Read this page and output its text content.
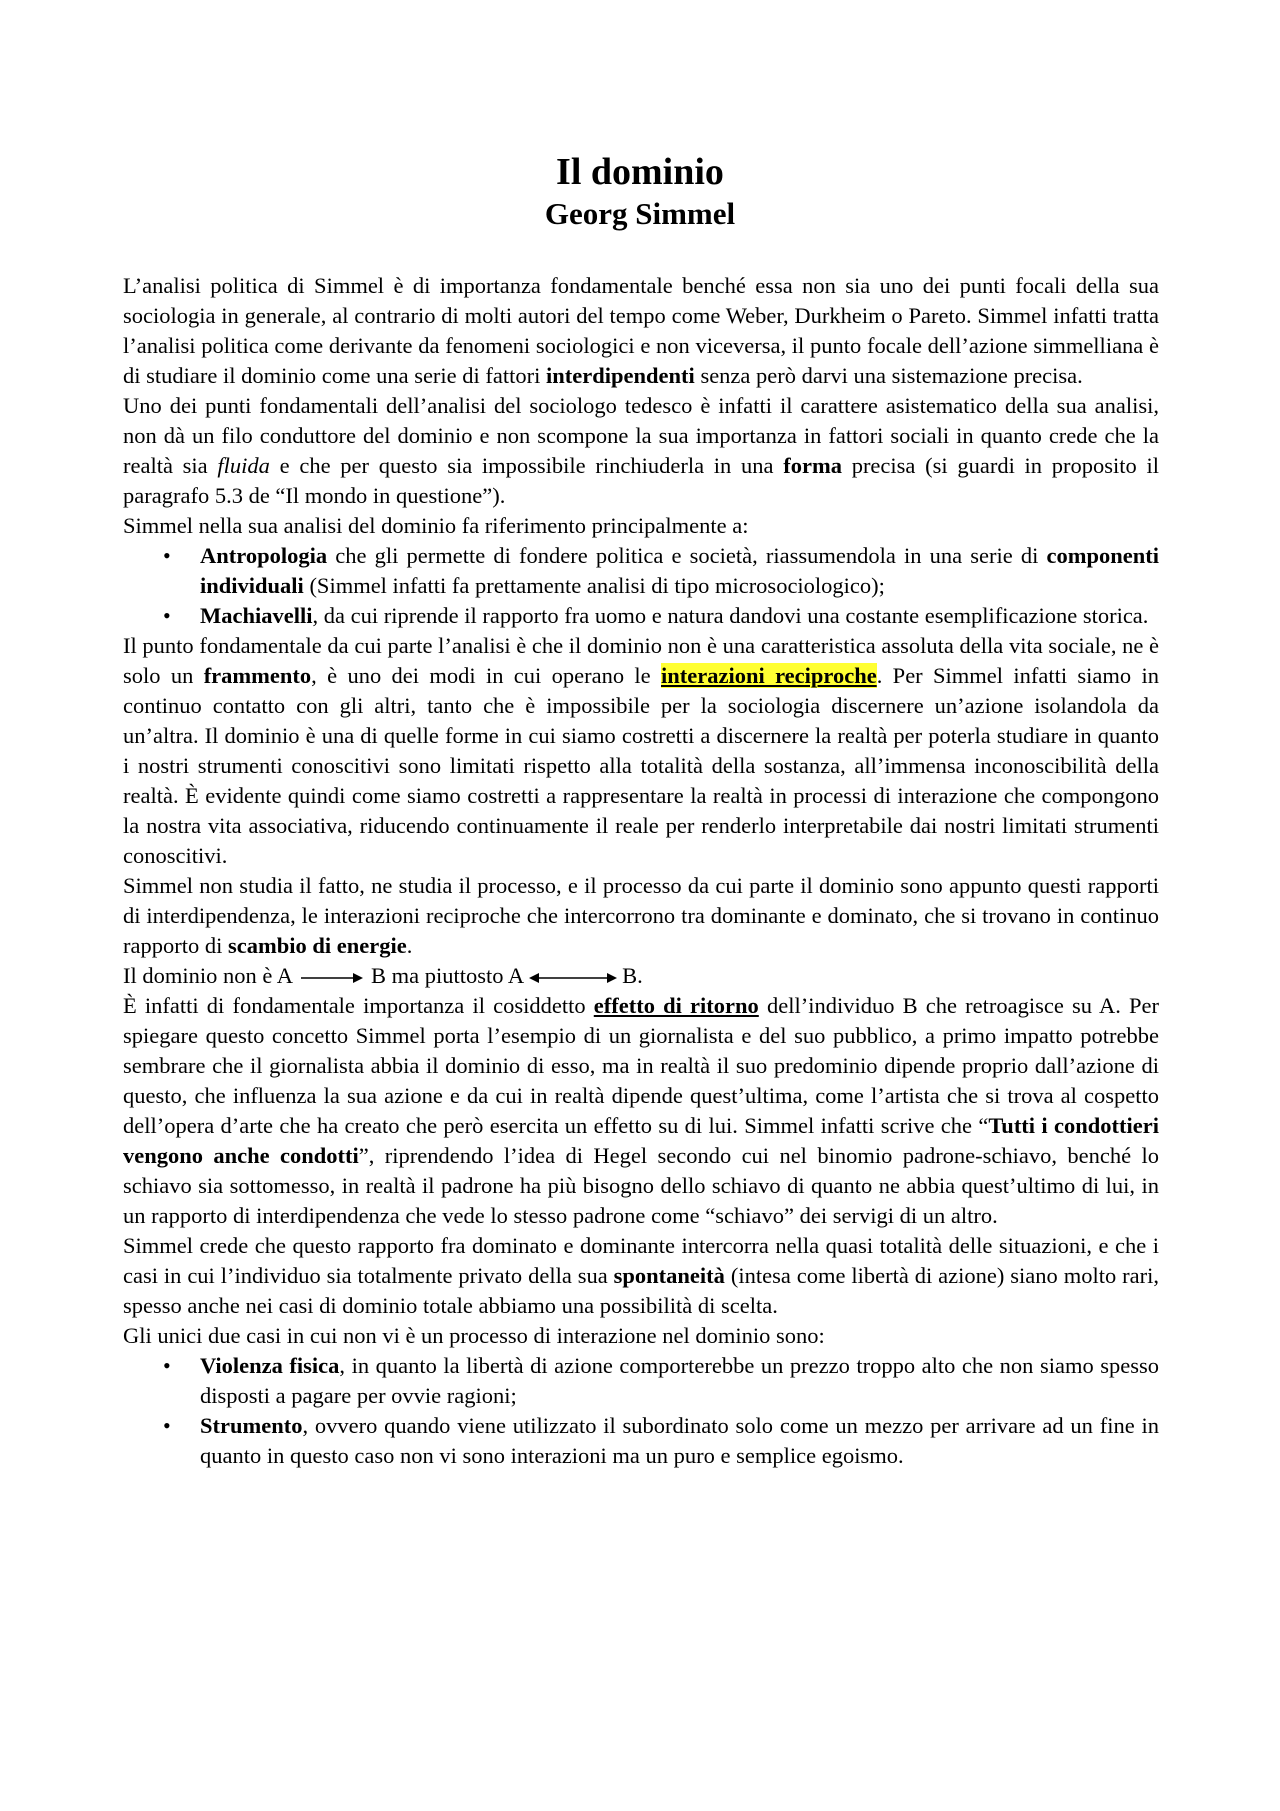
Il dominio
Georg Simmel

L’analisi politica di Simmel è di importanza fondamentale benché essa non sia uno dei punti focali della sua sociologia in generale, al contrario di molti autori del tempo come Weber, Durkheim o Pareto. Simmel infatti tratta l’analisi politica come derivante da fenomeni sociologici e non viceversa, il punto focale dell’azione simmelliana è di studiare il dominio come una serie di fattori interdipendenti senza però darvi una sistemazione precisa.

Uno dei punti fondamentali dell’analisi del sociologo tedesco è infatti il carattere asistematico della sua analisi, non dà un filo conduttore del dominio e non scompone la sua importanza in fattori sociali in quanto crede che la realtà sia fluida e che per questo sia impossibile rinchiuderla in una forma precisa (si guardi in proposito il paragrafo 5.3 de “Il mondo in questione”).

Simmel nella sua analisi del dominio fa riferimento principalmente a:

• Antropologia che gli permette di fondere politica e società, riassumendola in una serie di componenti individuali (Simmel infatti fa prettamente analisi di tipo microsociologico);
• Machiavelli, da cui riprende il rapporto fra uomo e natura dandovi una costante esemplificazione storica.

Il punto fondamentale da cui parte l’analisi è che il dominio non è una caratteristica assoluta della vita sociale, ne è solo un frammento, è uno dei modi in cui operano le interazioni reciproche. Per Simmel infatti siamo in continuo contatto con gli altri, tanto che è impossibile per la sociologia discernere un’azione isolandola da un’altra. Il dominio è una di quelle forme in cui siamo costretti a discernere la realtà per poterla studiare in quanto i nostri strumenti conoscitivi sono limitati rispetto alla totalità della sostanza, all’immensa inconoscibilità della realtà. È evidente quindi come siamo costretti a rappresentare la realtà in processi di interazione che compongono la nostra vita associativa, riducendo continuamente il reale per renderlo interpretabile dai nostri limitati strumenti conoscitivi.

Simmel non studia il fatto, ne studia il processo, e il processo da cui parte il dominio sono appunto questi rapporti di interdipendenza, le interazioni reciproche che intercorrono tra dominante e dominato, che si trovano in continuo rapporto di scambio di energie.

Il dominio non è A	B ma piuttosto A	B.

È infatti di fondamentale importanza il cosiddetto effetto di ritorno dell’individuo B che retroagisce su A. Per spiegare questo concetto Simmel porta l’esempio di un giornalista e del suo pubblico, a primo impatto potrebbe sembrare che il giornalista abbia il dominio di esso, ma in realtà il suo predominio dipende proprio dall’azione di questo, che influenza la sua azione e da cui in realtà dipende quest’ultima, come l’artista che si trova al cospetto dell’opera d’arte che ha creato che però esercita un effetto su di lui. Simmel infatti scrive che “Tutti i condottieri vengono anche condotti”, riprendendo l’idea di Hegel secondo cui nel binomio padrone-schiavo, benché lo schiavo sia sottomesso, in realtà il padrone ha più bisogno dello schiavo di quanto ne abbia quest’ultimo di lui, in un rapporto di interdipendenza che vede lo stesso padrone come “schiavo” dei servigi di un altro.

Simmel crede che questo rapporto fra dominato e dominante intercorra nella quasi totalità delle situazioni, e che i casi in cui l’individuo sia totalmente privato della sua spontaneità (intesa come libertà di azione) siano molto rari, spesso anche nei casi di dominio totale abbiamo una possibilità di scelta.

Gli unici due casi in cui non vi è un processo di interazione nel dominio sono:

• Violenza fisica, in quanto la libertà di azione comporterebbe un prezzo troppo alto che non siamo spesso disposti a pagare per ovvie ragioni;
• Strumento, ovvero quando viene utilizzato il subordinato solo come un mezzo per arrivare ad un fine in quanto in questo caso non vi sono interazioni ma un puro e semplice egoismo.
